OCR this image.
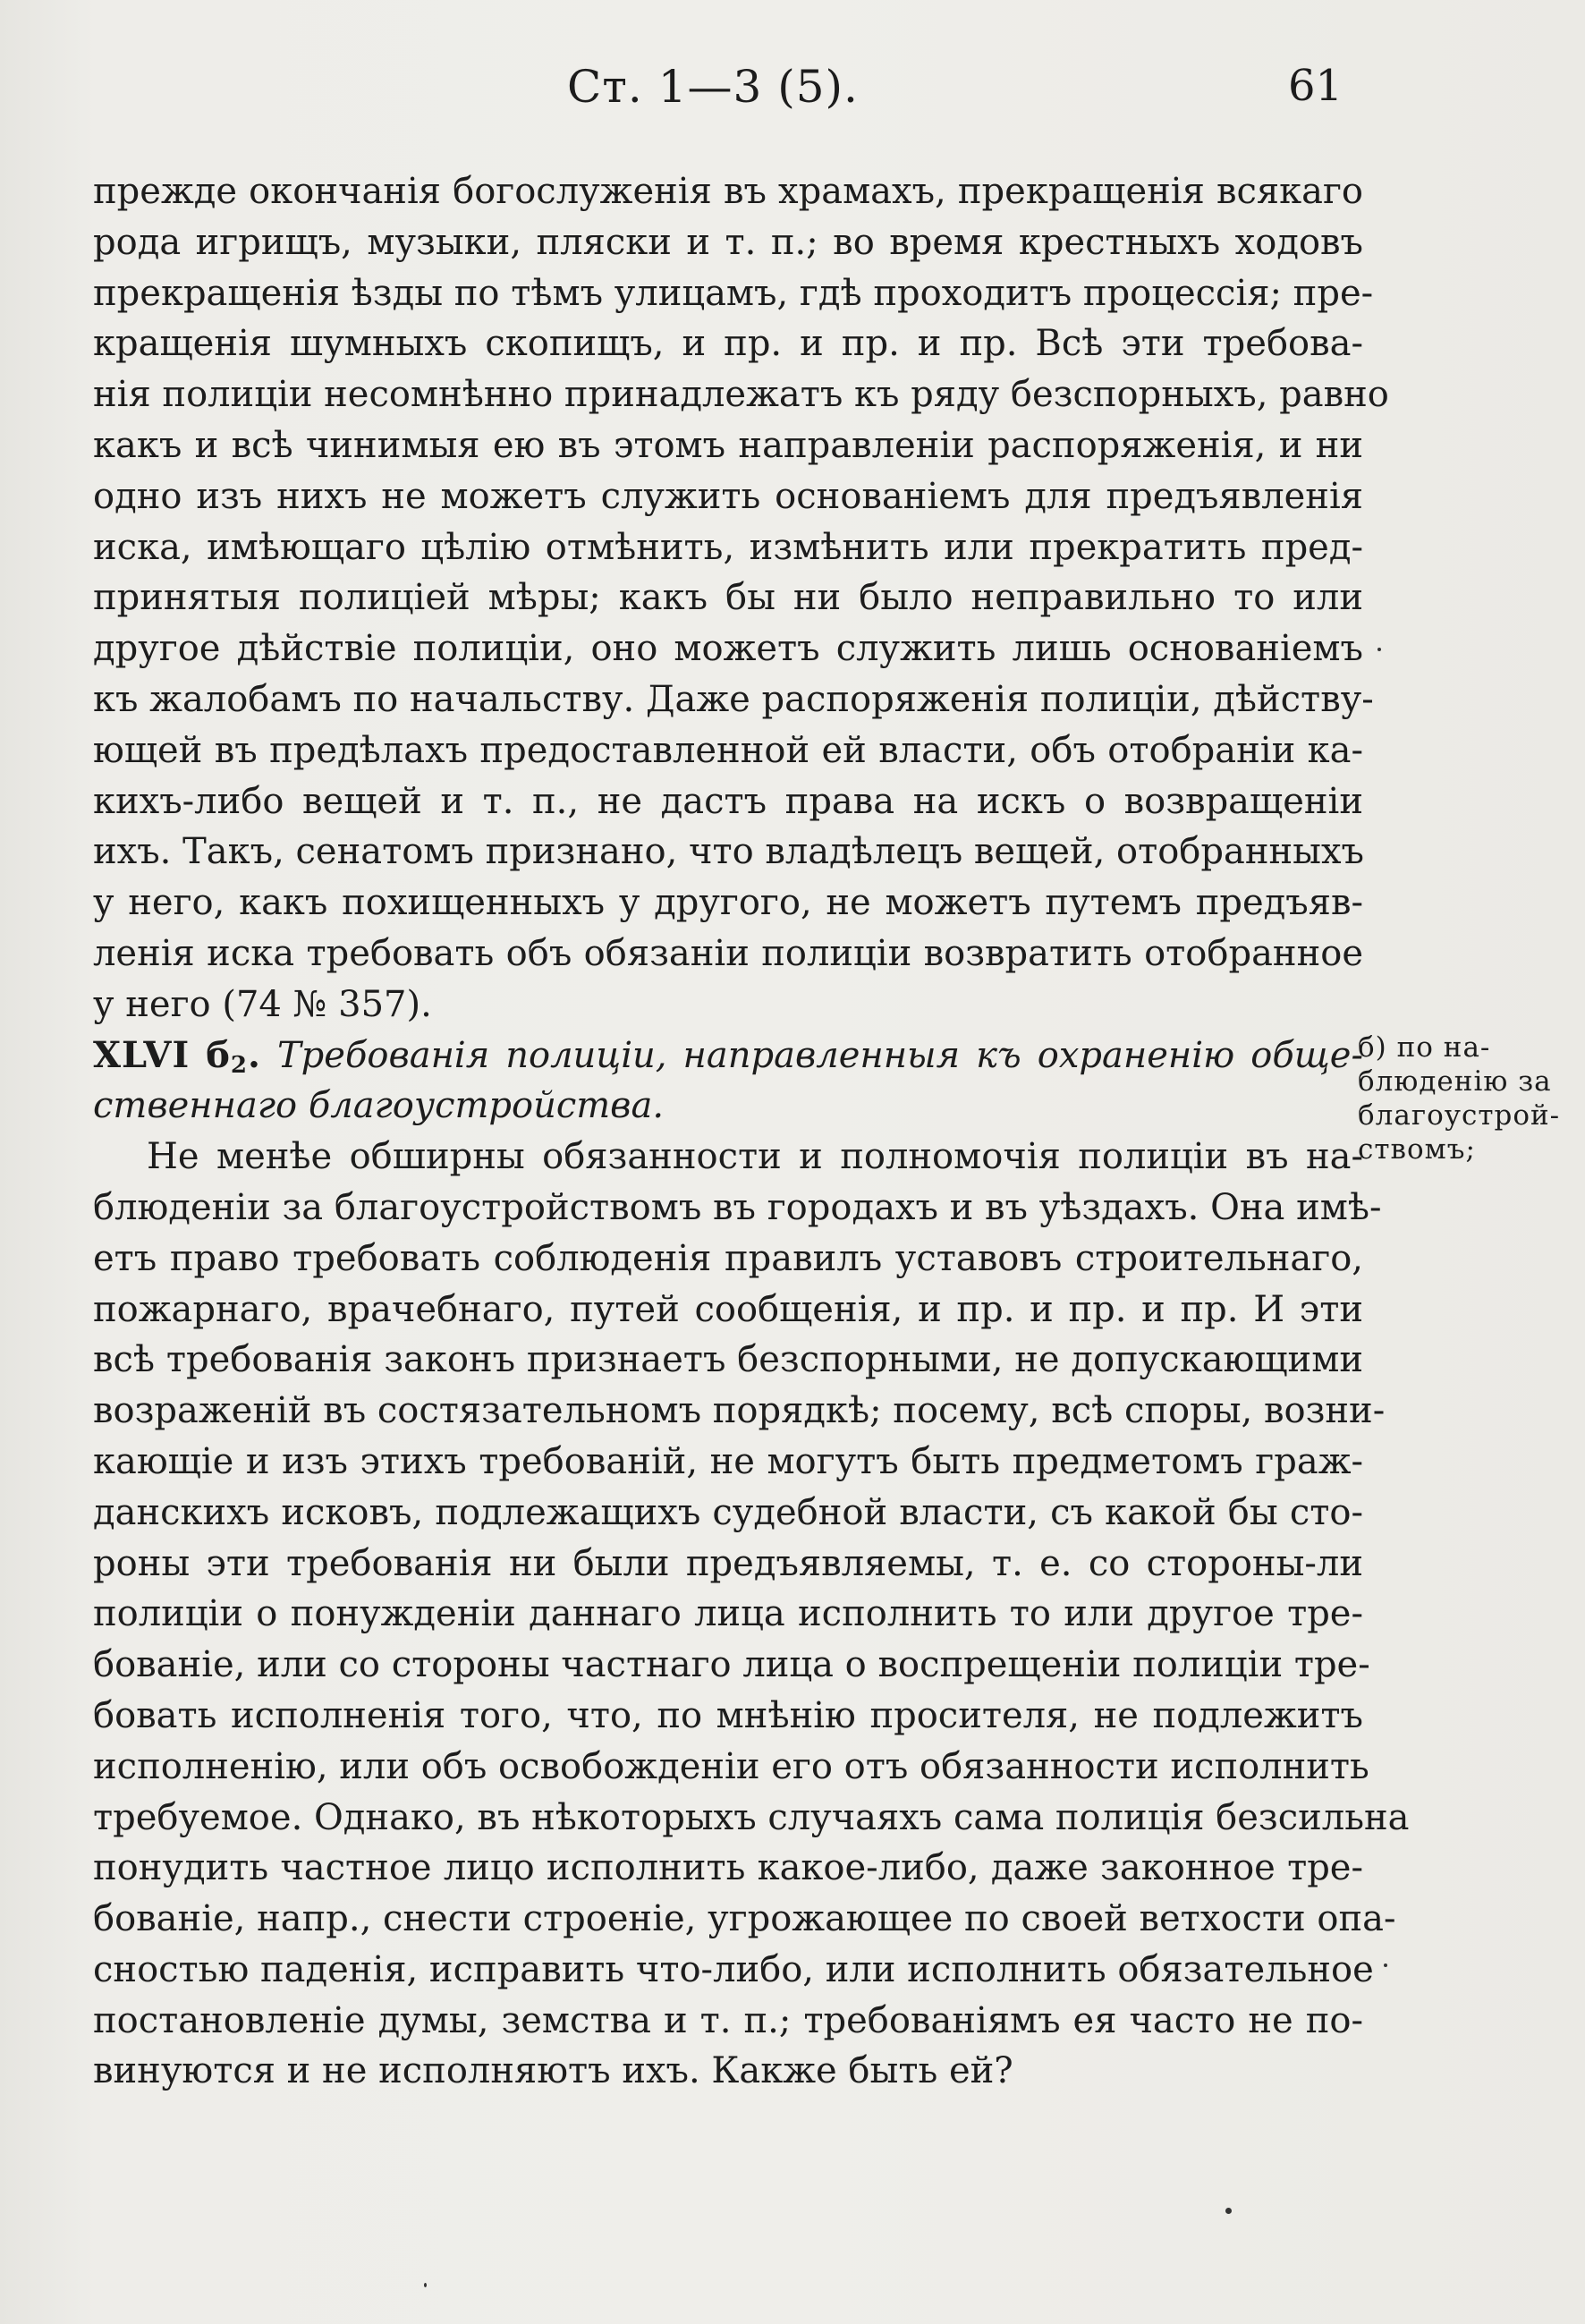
Ст. 1—3 (5).	61
прежде окончанія богослуженія въ храмахъ, прекращенія всякаго
рода игрищъ, музыки, пляски и т. п.; во время крестныхъ ходовъ
прекращенія ѣзды по тѣмъ улицамъ, гдѣ проходитъ процессія; пре-
кращенія шумныхъ скопищъ, и пр. и пр. и пр. Всѣ эти требова-
нія полиціи несомнѣнно принадлежатъ къ ряду безспорныхъ, равно
какъ и всѣ чинимыя ею въ этомъ направленіи распоряженія, и ни
одно изъ нихъ не можетъ служить основаніемъ для предъявленія
иска, имѣющаго цѣлію отмѣнить, измѣнить или прекратить пред-
принятыя полиціей мѣры; какъ бы ни было неправильно то или
другое дѣйствіе полиціи, оно можетъ служить лишь основаніемъ
къ жалобамъ по начальству. Даже распоряженія полиціи, дѣйству-
ющей въ предѣлахъ предоставленной ей власти, объ отобраніи ка-
кихъ-либо вещей и т. п., не дастъ права на искъ о возвращеніи
ихъ. Такъ, сенатомъ признано, что владѣлецъ вещей, отобранныхъ
у него, какъ похищенныхъ у другого, не можетъ путемъ предъяв-
ленія иска требовать объ обязаніи полиціи возвратить отобранное
у него (74 № 357).
XLVI $б_2$. Требованія полиціи, направленныя къ охраненію обще-
ственнаго благоустройства.
Не менѣе обширны обязанности и полномочія полиціи въ на-
блюденіи за благоустройствомъ въ городахъ и въ уѣздахъ. Она имѣ-
етъ право требовать соблюденія правилъ уставовъ строительнаго,
пожарнаго, врачебнаго, путей сообщенія, и пр. и пр. и пр. И эти
всѣ требованія законъ признаетъ безспорными, не допускающими
возраженій въ состязательномъ порядкѣ; посему, всѣ споры, возни-
кающіе и изъ этихъ требованій, не могутъ быть предметомъ граж-
данскихъ исковъ, подлежащихъ судебной власти, съ какой бы сто-
роны эти требованія ни были предъявляемы, т. е. со стороны-ли
полиціи о понужденіи даннаго лица исполнить то или другое тре-
бованіе, или со стороны частнаго лица о воспрещеніи полиціи тре-
бовать исполненія того, что, по мнѣнію просителя, не подлежитъ
исполненію, или объ освобожденіи его отъ обязанности исполнить
требуемое. Однако, въ нѣкоторыхъ случаяхъ сама полиція безсильна
понудить частное лицо исполнить какое-либо, даже законное тре-
бованіе, напр., снести строеніе, угрожающее по своей ветхости опа-
сностью паденія, исправить что-либо, или исполнить обязательное
постановленіе думы, земства и т. п.; требованіямъ ея часто не по-
винуются и не исполняютъ ихъ. Какже быть ей?
б) по на-
блюденію за
благоустрой-
ствомъ;
